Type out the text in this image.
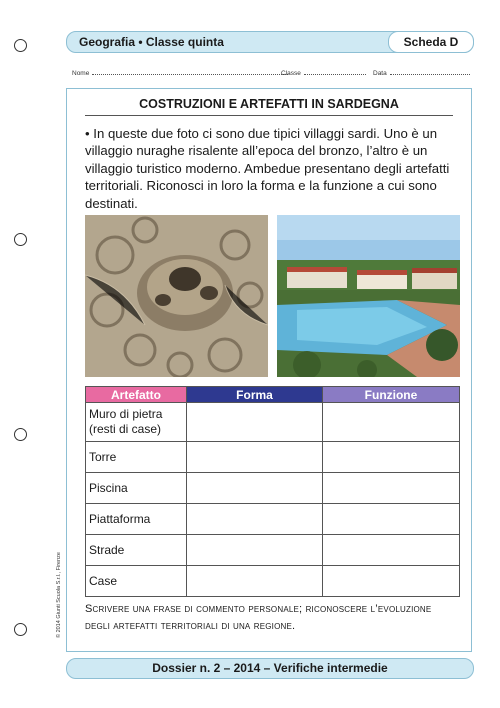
Geografia • Classe quinta	Scheda D
Nome	Classe	Data
COSTRUZIONI E ARTEFATTI IN SARDEGNA
• In queste due foto ci sono due tipici villaggi sardi. Uno è un villaggio nuraghe risalente all’epoca del bronzo, l’altro è un villaggio turistico moderno. Ambedue presentano degli artefatti territoriali. Riconosci in loro la forma e la funzione a cui sono destinati.
Artefatto	Forma	Funzione
Muro di pietra (resti di case)		
Torre		
Piscina		
Piattaforma		
Strade		
Case		
Scrivere una frase di commento personale; riconoscere l’evoluzione degli artefatti territoriali di una regione.
© 2014 Giunti Scuola S.r.l., Firenze
Dossier n. 2 – 2014 – Verifiche intermedie
